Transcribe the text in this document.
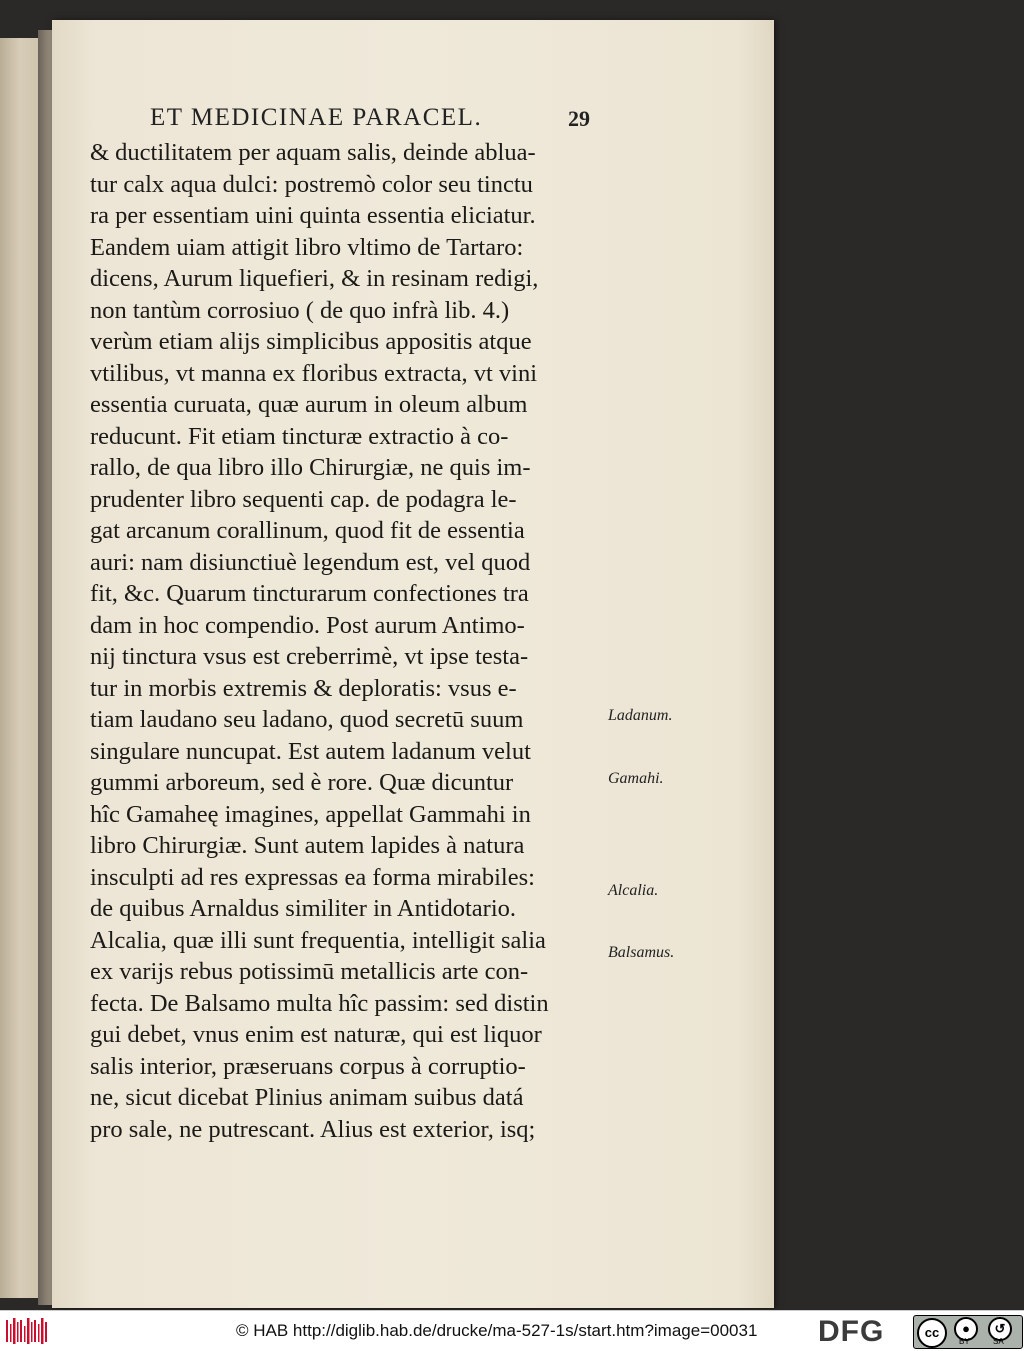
ET MEDICINAE PARACEL.	29
& ductilitatem per aquam salis, deinde ablua-
tur calx aqua dulci: postremò color seu tinctu
ra per essentiam uini quinta essentia eliciatur.
Eandem uiam attigit libro vltimo de Tartaro:
dicens, Aurum liquefieri, & in resinam redigi,
non tantùm corrosiuo ( de quo infrà lib. 4.)
verùm etiam alijs simplicibus appositis atque
vtilibus, vt manna ex floribus extracta, vt vini
essentia curuata, quæ aurum in oleum album
reducunt. Fit etiam tincturæ extractio à co-
rallo, de qua libro illo Chirurgiæ, ne quis im-
prudenter libro sequenti cap. de podagra le-
gat arcanum corallinum, quod fit de essentia
auri: nam disiunctiuè legendum est, vel quod
fit, &c. Quarum tincturarum confectiones tra
dam in hoc compendio. Post aurum Antimo-
nij tinctura vsus est creberrimè, vt ipse testa-
tur in morbis extremis & deploratis: vsus e-
tiam laudano seu ladano, quod secretū suum
singulare nuncupat. Est autem ladanum velut
gummi arboreum, sed è rore. Quæ dicuntur
hîc Gamaheę imagines, appellat Gammahi in
libro Chirurgiæ. Sunt autem lapides à natura
insculpti ad res expressas ea forma mirabiles:
de quibus Arnaldus similiter in Antidotario.
Alcalia, quæ illi sunt frequentia, intelligit salia
ex varijs rebus potissimū metallicis arte con-
fecta. De Balsamo multa hîc passim: sed distin
gui debet, vnus enim est naturæ, qui est liquor
salis interior, præseruans corpus à corruptio-
ne, sicut dicebat Plinius animam suibus datá
pro sale, ne putrescant. Alius est exterior, isq;
Ladanum.
Gamahi.
Alcalia.
Balsamus.
© HAB http://diglib.hab.de/drucke/ma-527-1s/start.htm?image=00031 DFG	cc	●
BY
↺
SA
